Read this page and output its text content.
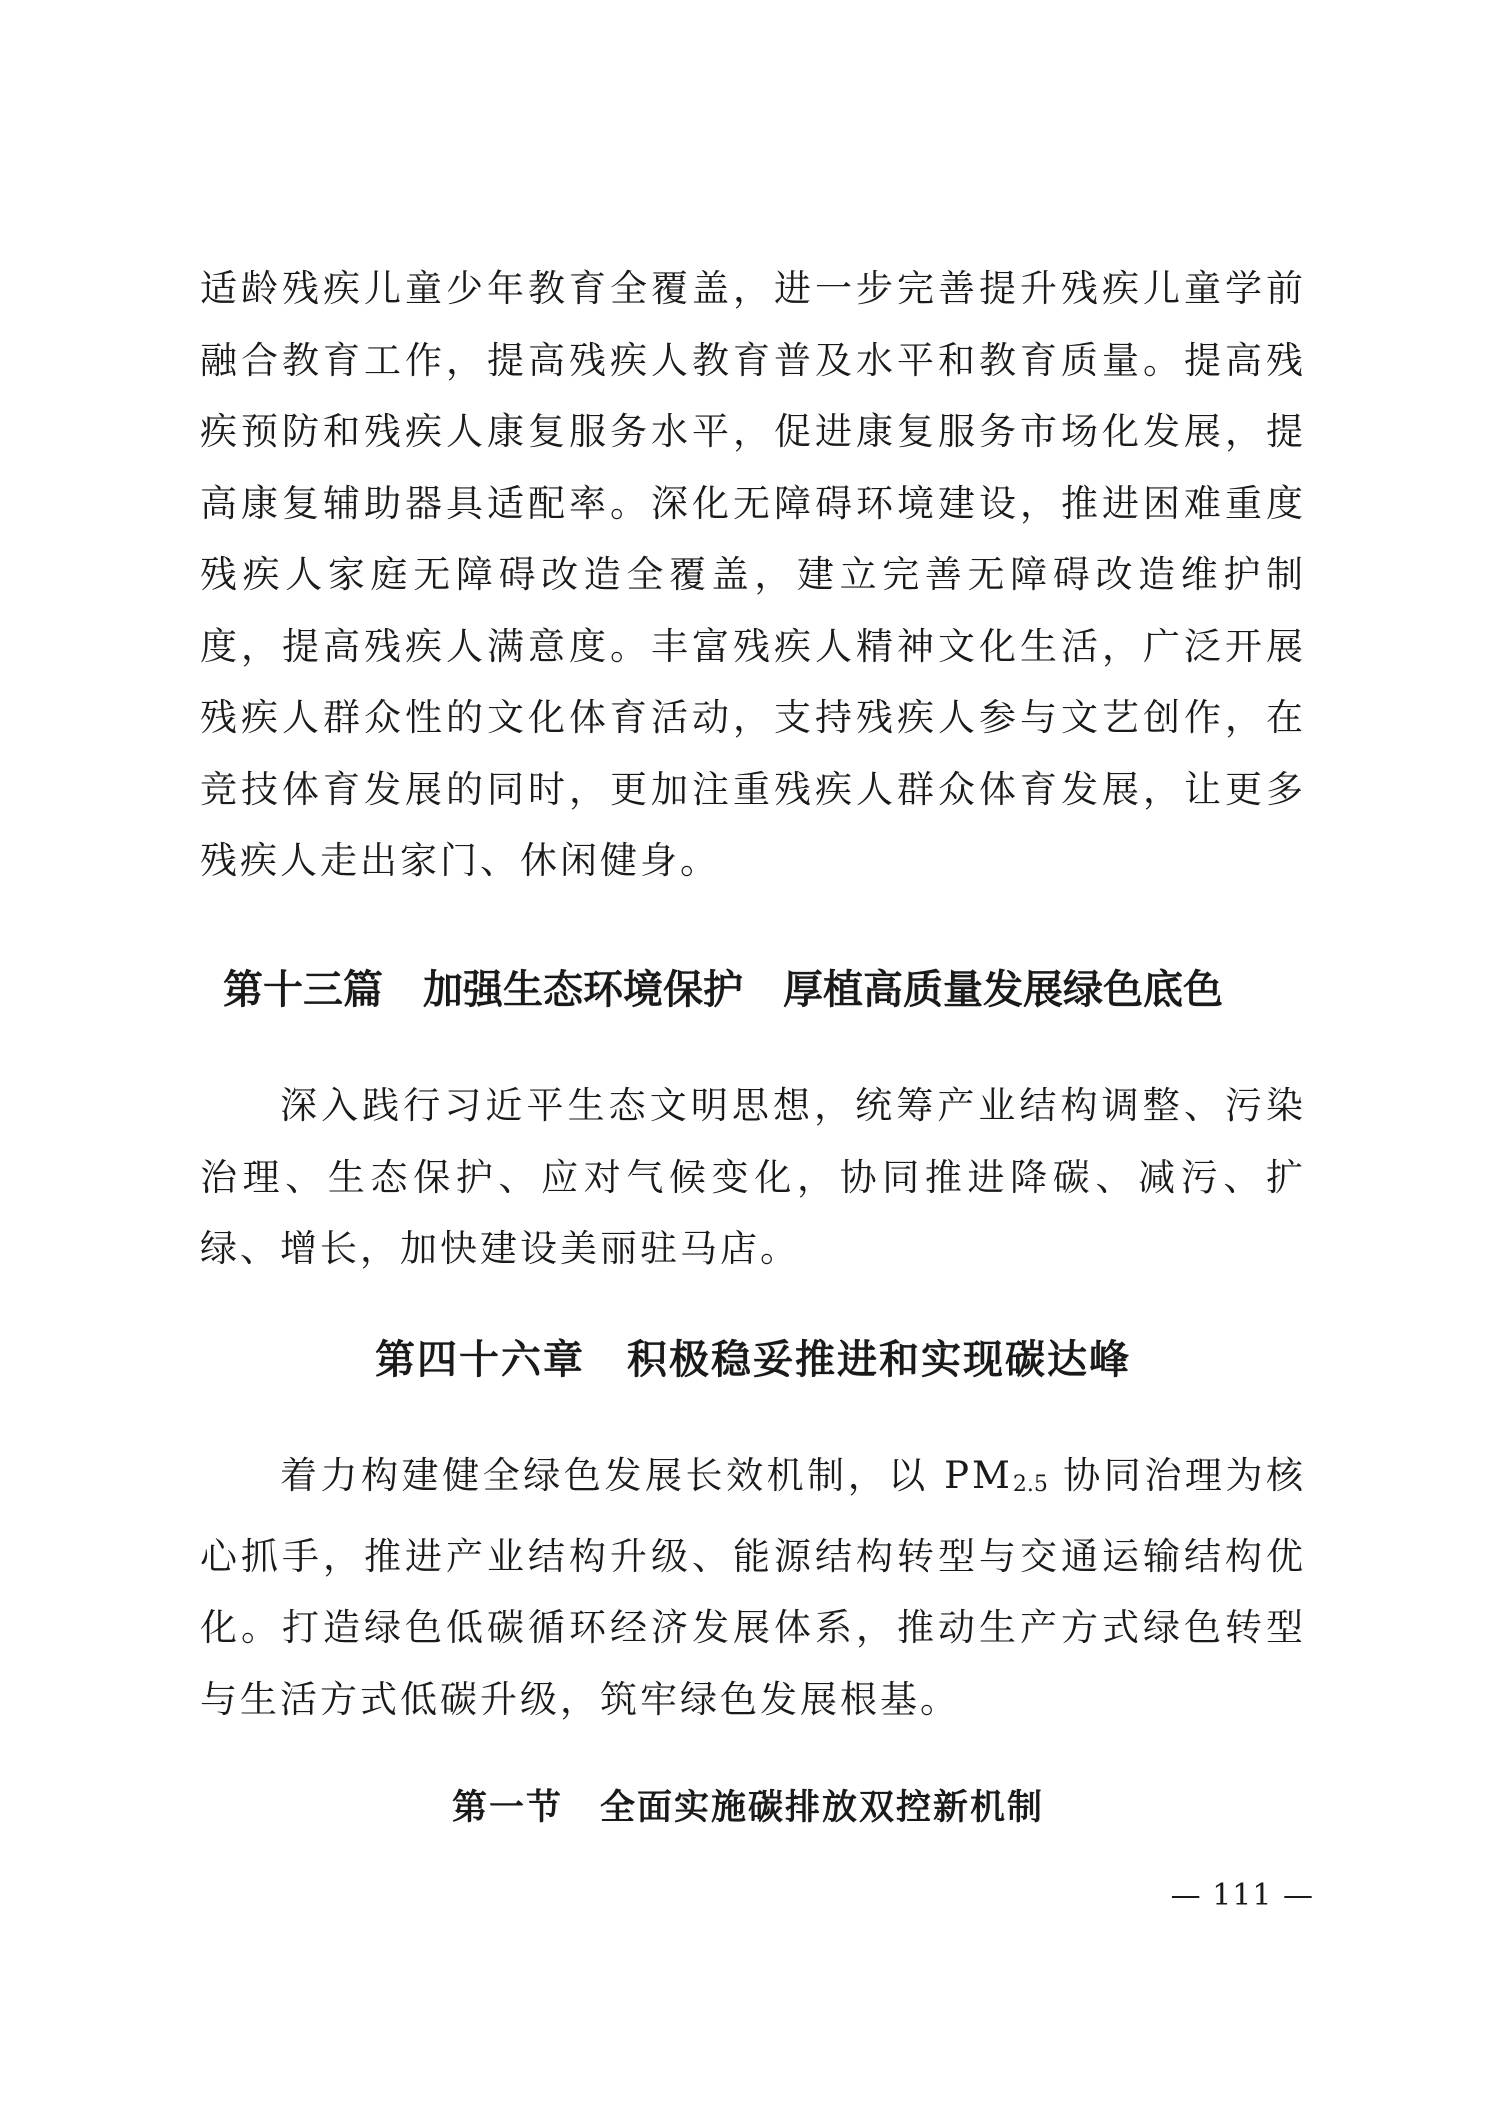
适龄残疾儿童少年教育全覆盖，进一步完善提升残疾儿童学前融合教育工作，提高残疾人教育普及水平和教育质量。提高残疾预防和残疾人康复服务水平，促进康复服务市场化发展，提高康复辅助器具适配率。深化无障碍环境建设，推进困难重度残疾人家庭无障碍改造全覆盖，建立完善无障碍改造维护制度，提高残疾人满意度。丰富残疾人精神文化生活，广泛开展残疾人群众性的文化体育活动，支持残疾人参与文艺创作，在竞技体育发展的同时，更加注重残疾人群众体育发展，让更多残疾人走出家门、休闲健身。

第十三篇　加强生态环境保护　厚植高质量发展绿色底色

深入践行习近平生态文明思想，统筹产业结构调整、污染治理、生态保护、应对气候变化，协同推进降碳、减污、扩绿、增长，加快建设美丽驻马店。

第四十六章　积极稳妥推进和实现碳达峰

着力构建健全绿色发展长效机制，以 $PM_{2.5}$ 协同治理为核心抓手，推进产业结构升级、能源结构转型与交通运输结构优化。打造绿色低碳循环经济发展体系，推动生产方式绿色转型与生活方式低碳升级，筑牢绿色发展根基。

第一节　全面实施碳排放双控新机制
— 111 —
